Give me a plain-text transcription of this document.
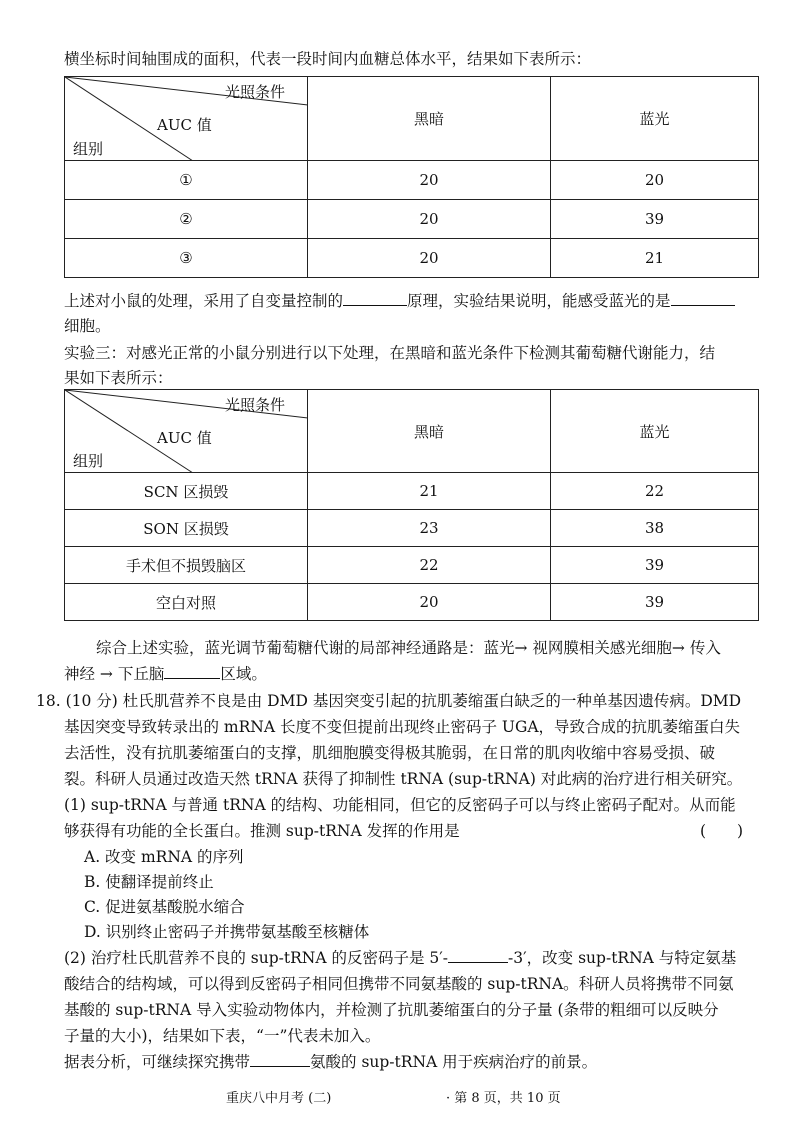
横坐标时间轴围成的面积，代表一段时间内血糖总体水平，结果如下表所示：
光照条件
AUC 值
组别	黑暗	蓝光
①	20	20
②	20	39
③	20	21
上述对小鼠的处理，采用了自变量控制的	原理，实验结果说明，能感受蓝光的是
细胞。
实验三：对感光正常的小鼠分别进行以下处理，在黑暗和蓝光条件下检测其葡萄糖代谢能力，结
果如下表所示：
光照条件
AUC 值
组别	黑暗	蓝光
SCN 区损毁	21	22
SON 区损毁	23	38
手术但不损毁脑区	22	39
空白对照	20	39
综合上述实验，蓝光调节葡萄糖代谢的局部神经通路是：蓝光→ 视网膜相关感光细胞→ 传入
神经 → 下丘脑	区域。
18. (10 分) 杜氏肌营养不良是由 DMD 基因突变引起的抗肌萎缩蛋白缺乏的一种单基因遗传病。DMD
基因突变导致转录出的 mRNA 长度不变但提前出现终止密码子 UGA，导致合成的抗肌萎缩蛋白失
去活性，没有抗肌萎缩蛋白的支撑，肌细胞膜变得极其脆弱，在日常的肌肉收缩中容易受损、破
裂。科研人员通过改造天然 tRNA 获得了抑制性 tRNA (sup-tRNA) 对此病的治疗进行相关研究。
(1) sup-tRNA 与普通 tRNA 的结构、功能相同，但它的反密码子可以与终止密码子配对。从而能
够获得有功能的全长蛋白。推测 sup-tRNA 发挥的作用是	(　　)
A. 改变 mRNA 的序列
B. 使翻译提前终止
C. 促进氨基酸脱水缩合
D. 识别终止密码子并携带氨基酸至核糖体
(2) 治疗杜氏肌营养不良的 sup-tRNA 的反密码子是 5′-	-3′，改变 sup-tRNA 与特定氨基
酸结合的结构域，可以得到反密码子相同但携带不同氨基酸的 sup-tRNA。科研人员将携带不同氨
基酸的 sup-tRNA 导入实验动物体内，并检测了抗肌萎缩蛋白的分子量 (条带的粗细可以反映分
子量的大小)，结果如下表，“一”代表未加入。
据表分析，可继续探究携带	氨酸的 sup-tRNA 用于疾病治疗的前景。
重庆八中月考 (二)	· 第 8 页，共 10 页
